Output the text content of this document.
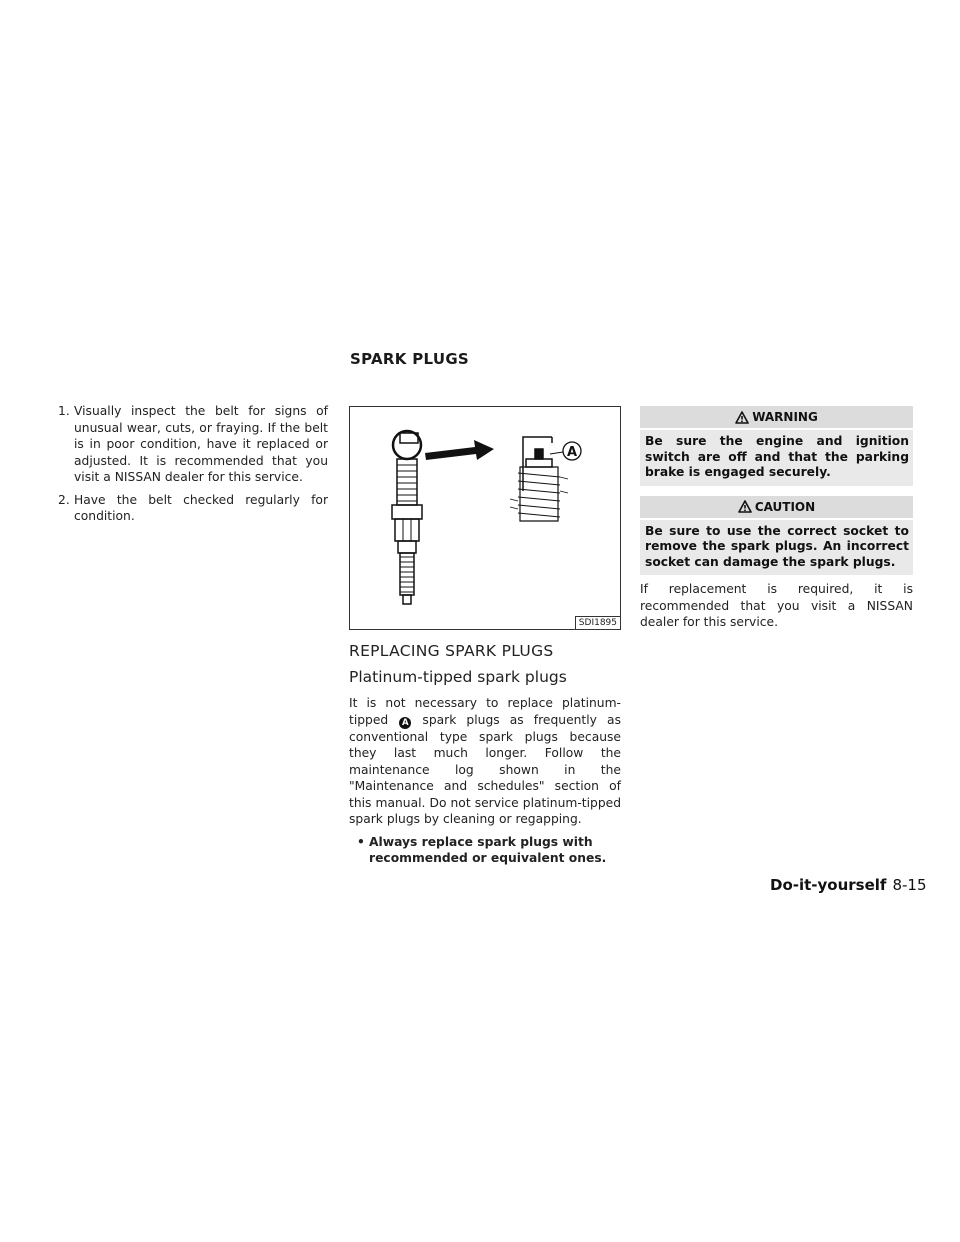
SPARK PLUGS
1. Visually inspect the belt for signs of unusual wear, cuts, or fraying. If the belt is in poor condition, have it replaced or adjusted. It is recommended that you visit a NISSAN dealer for this service.
2. Have the belt checked regularly for condition.
A
SDI1895
REPLACING SPARK PLUGS
Platinum-tipped spark plugs
It is not necessary to replace platinum-tipped A spark plugs as frequently as conventional type spark plugs because they last much longer. Follow the maintenance log shown in the "Maintenance and schedules" section of this manual. Do not service platinum-tipped spark plugs by cleaning or regapping.
• Always replace spark plugs with recommended or equivalent ones.
WARNING
Be sure the engine and ignition switch are off and that the parking brake is engaged securely.
CAUTION
Be sure to use the correct socket to remove the spark plugs. An incorrect socket can damage the spark plugs.
If replacement is required, it is recommended that you visit a NISSAN dealer for this service.
Do-it-yourself 8-15
